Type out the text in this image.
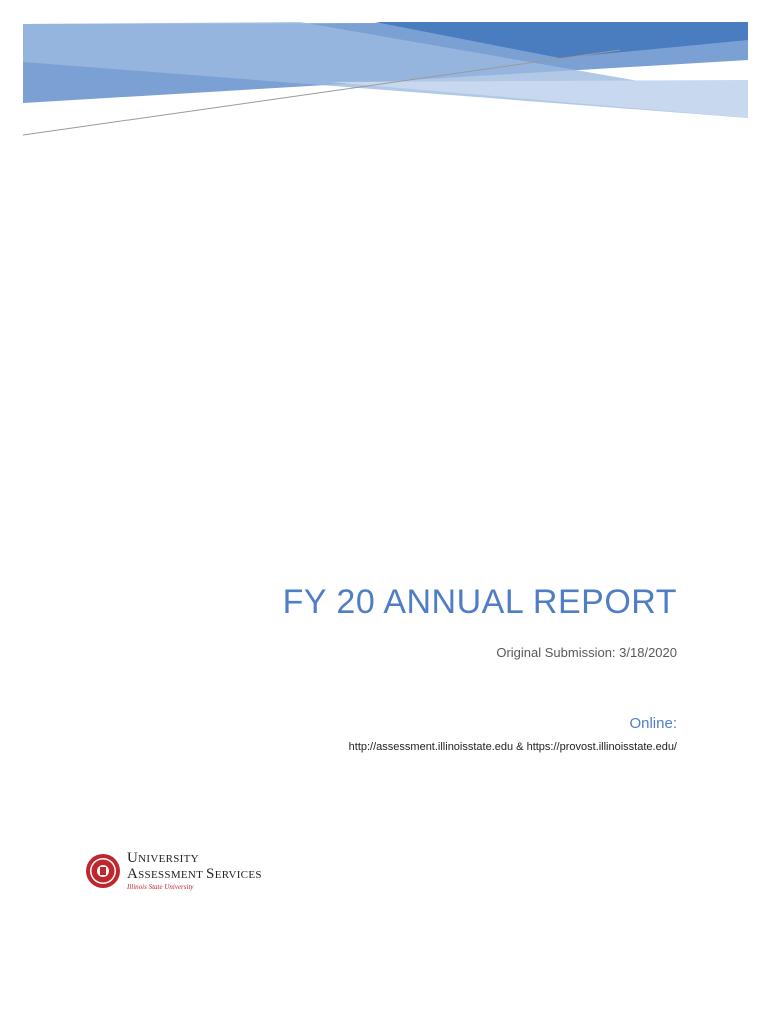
FY 20 ANNUAL REPORT
Original Submission: 3/18/2020
Online:
http://assessment.illinoisstate.edu & https://provost.illinoisstate.edu/
UNIVERSITY
ASSESSMENT SERVICES
Illinois State University
